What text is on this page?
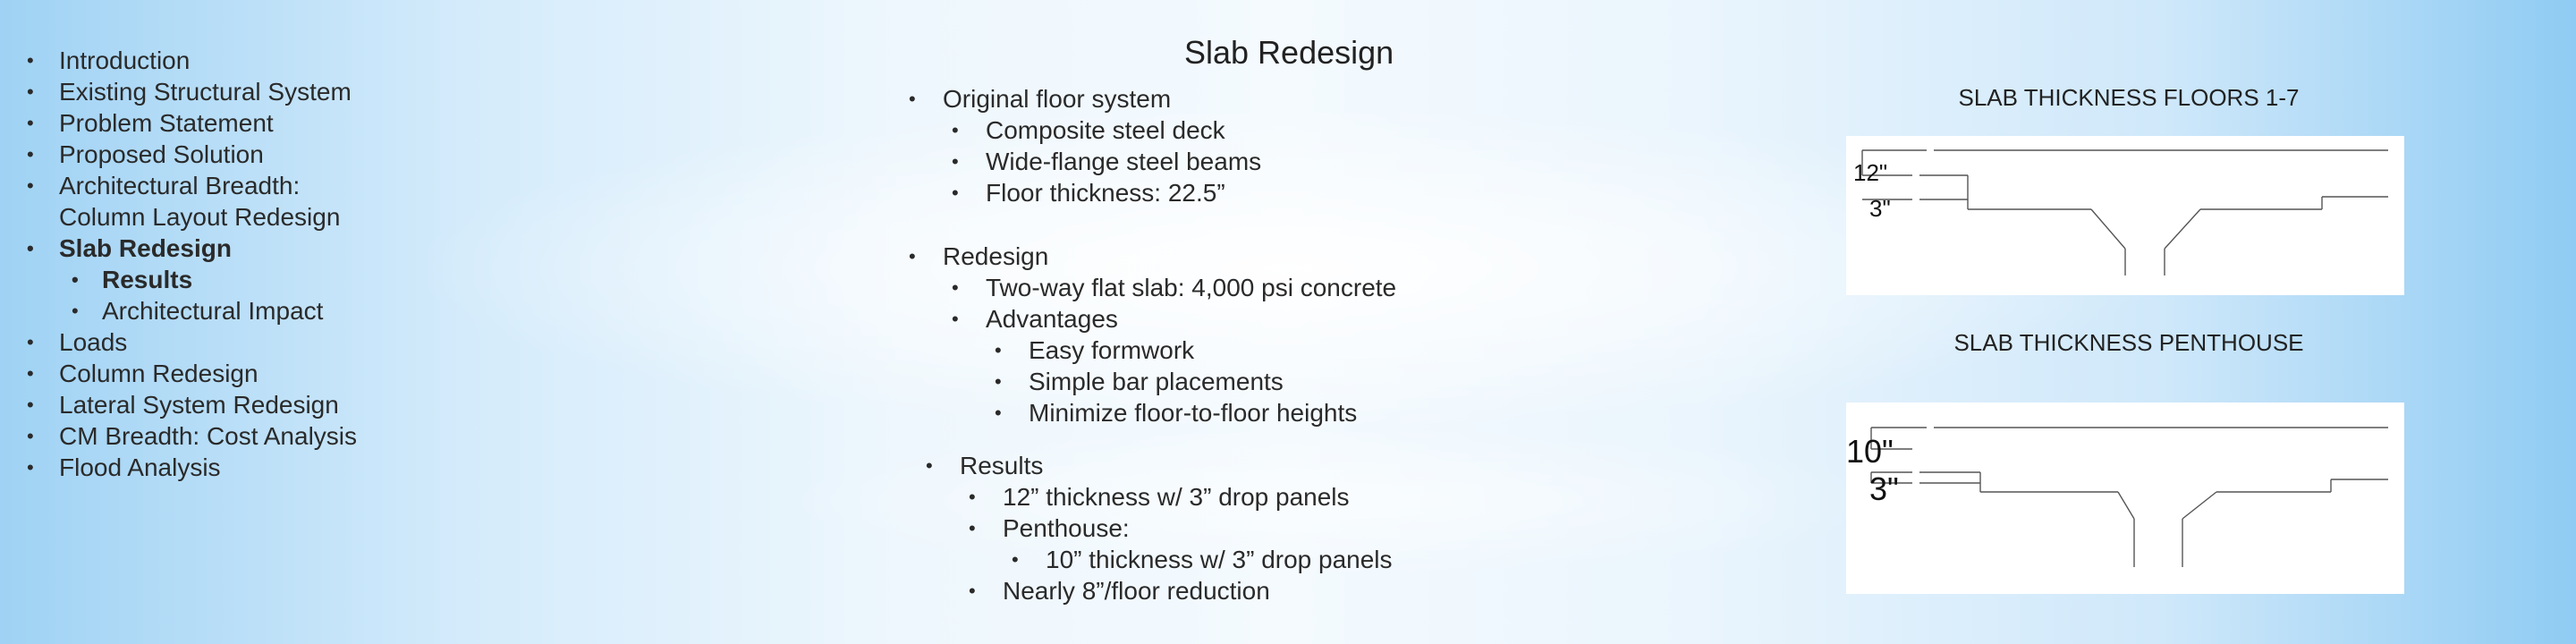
• Introduction
• Existing Structural System
• Problem Statement
• Proposed Solution
• Architectural Breadth:
Column Layout Redesign
• Slab Redesign
• Results
• Architectural Impact
• Loads
• Column Redesign
• Lateral System Redesign
• CM Breadth: Cost Analysis
• Flood Analysis
Slab Redesign
• Original floor system
• Composite steel deck
• Wide-flange steel beams
• Floor thickness: 22.5”
• Redesign
• Two-way flat slab: 4,000 psi concrete
• Advantages
• Easy formwork
• Simple bar placements
• Minimize floor-to-floor heights
• Results
• 12” thickness w/ 3” drop panels
• Penthouse:
• 10” thickness w/ 3” drop panels
• Nearly 8”/floor reduction
SLAB THICKNESS FLOORS 1-7
12"
3"
SLAB THICKNESS PENTHOUSE
10"
3"
